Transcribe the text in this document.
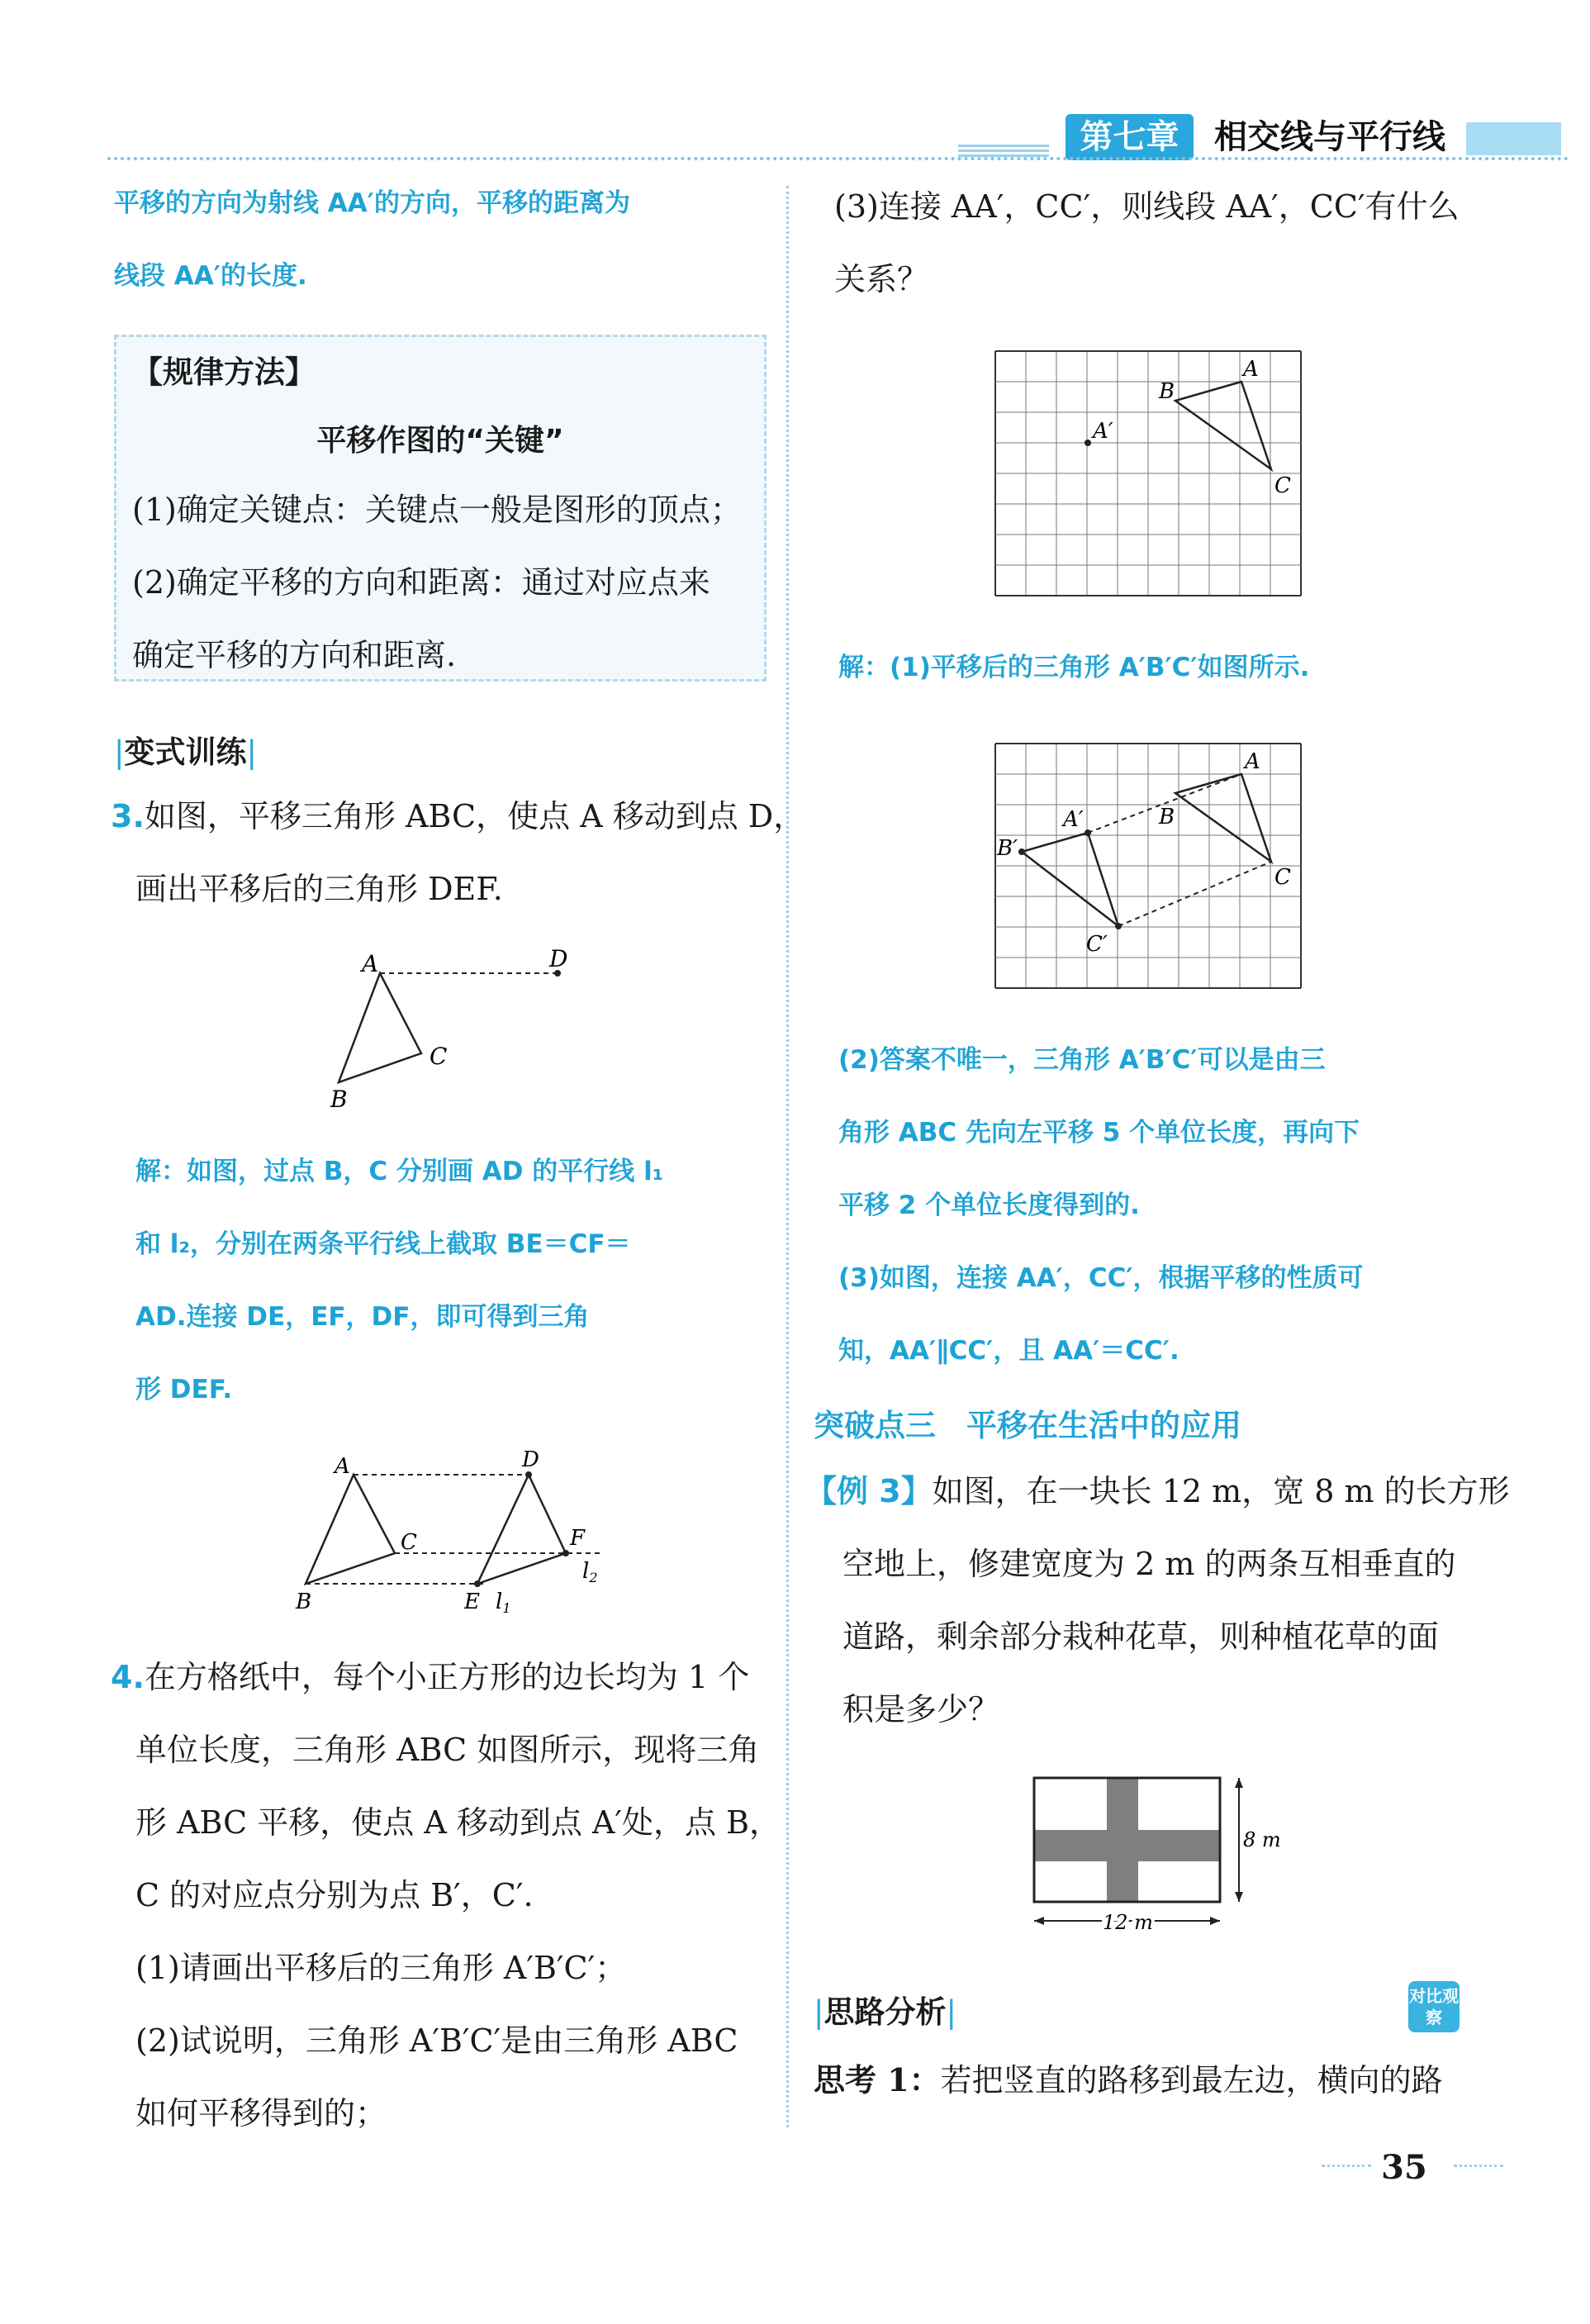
第七章	相交线与平行线
平移的方向为射线 AA′的方向，平移的距离为
线段 AA′的长度.
【规律方法】
平移作图的“关键”
(1)确定关键点：关键点一般是图形的顶点；
(2)确定平移的方向和距离：通过对应点来
确定平移的方向和距离.
|变式训练|
3.如图，平移三角形 ABC，使点 A 移动到点 D，
画出平移后的三角形 DEF.
A	D
C
B
解：如图，过点 B，C 分别画 AD 的平行线 l₁
和 l₂，分别在两条平行线上截取 BE＝CF＝
AD.连接 DE，EF，DF，即可得到三角
形 DEF.
A	D
C	F
B	E l1
l2
4.在方格纸中，每个小正方形的边长均为 1 个
单位长度，三角形 ABC 如图所示，现将三角
形 ABC 平移，使点 A 移动到点 A′处，点 B，
C 的对应点分别为点 B′，C′.
(1)请画出平移后的三角形 A′B′C′；
(2)试说明，三角形 A′B′C′是由三角形 ABC
如何平移得到的；
(3)连接 AA′，CC′，则线段 AA′，CC′有什么
关系？
A
B
C
A′
解：(1)平移后的三角形 A′B′C′如图所示.
A
B
C
A′
B′
C′
(2)答案不唯一，三角形 A′B′C′可以是由三
角形 ABC 先向左平移 5 个单位长度，再向下
平移 2 个单位长度得到的.
(3)如图，连接 AA′，CC′，根据平移的性质可
知，AA′∥CC′，且 AA′＝CC′.
突破点三　平移在生活中的应用
【例 3】如图，在一块长 12 m，宽 8 m 的长方形
空地上，修建宽度为 2 m 的两条互相垂直的
道路，剩余部分栽种花草，则种植花草的面
积是多少？
8 m
12 m
|思路分析|	对比观察
思考 1：若把竖直的路移到最左边，横向的路
35
